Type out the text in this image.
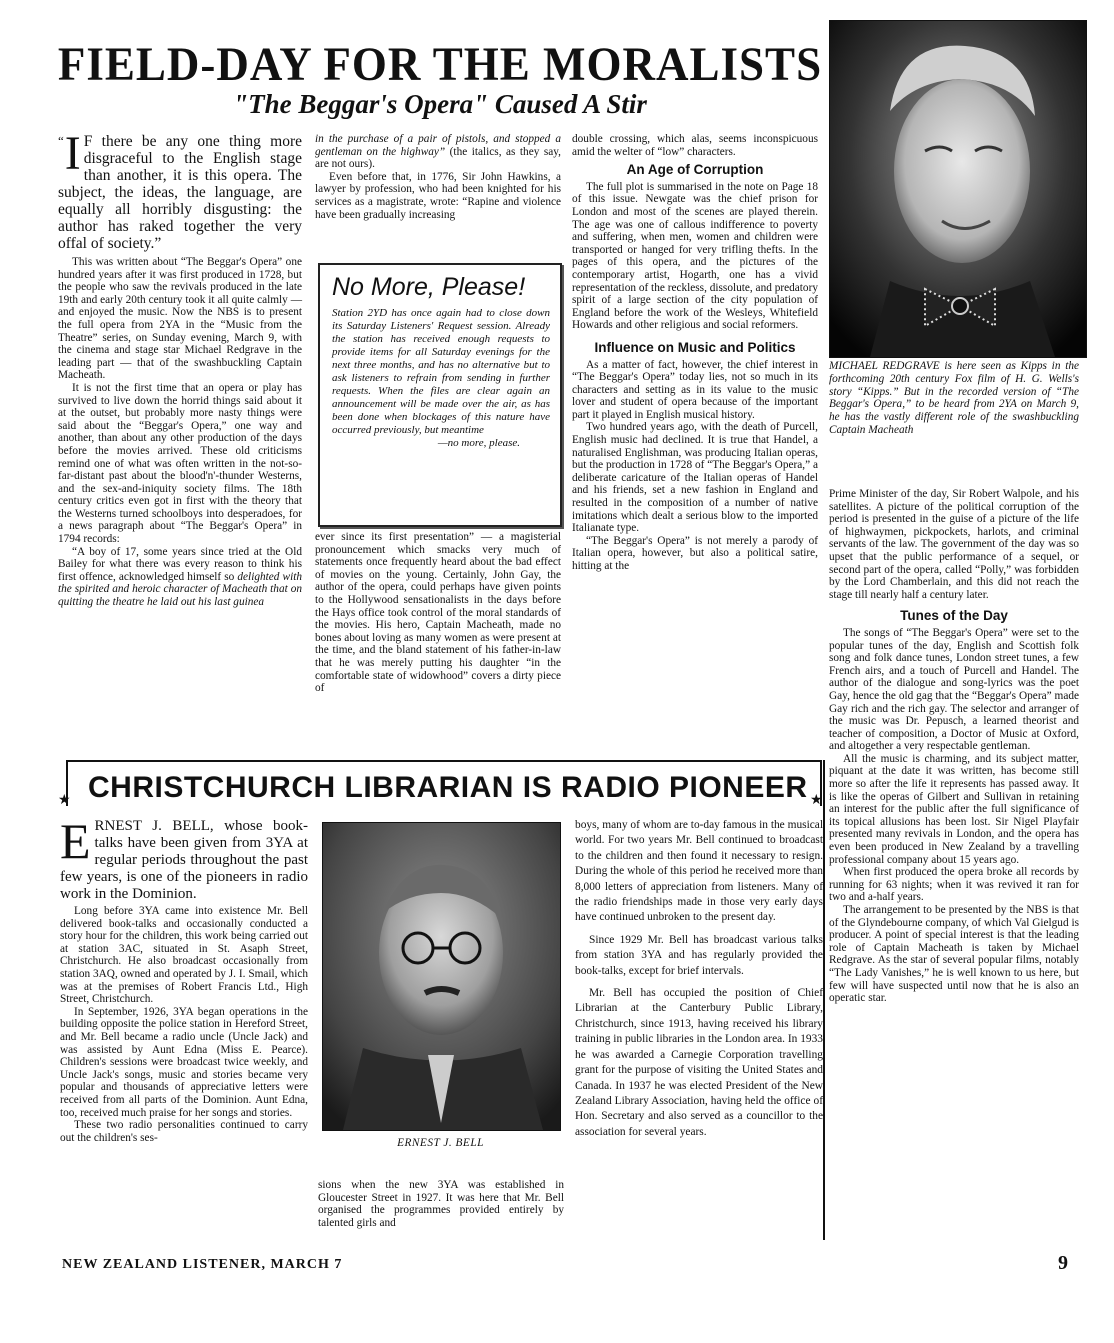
FIELD-DAY FOR THE MORALISTS
"The Beggar's Opera" Caused A Stir

“ I F there be any one thing more disgraceful to the English stage than another, it is this opera. The subject, the ideas, the language, are equally all horribly disgusting: the author has raked together the very offal of society.”

This was written about “The Beggar's Opera” one hundred years after it was first produced in 1728, but the people who saw the revivals produced in the late 19th and early 20th century took it all quite calmly — and enjoyed the music. Now the NBS is to present the full opera from 2YA in the “Music from the Theatre” series, on Sunday evening, March 9, with the cinema and stage star Michael Redgrave in the leading part — that of the swashbuckling Captain Macheath.

It is not the first time that an opera or play has survived to live down the horrid things said about it at the outset, but probably more nasty things were said about the “Beggar's Opera,” one way and another, than about any other production of the days before the movies arrived. These old criticisms remind one of what was often written in the not-so-far-distant past about the blood'n'-thunder Westerns, and the sex-and-iniquity society films. The 18th century critics even got in first with the theory that the Westerns turned schoolboys into desperadoes, for a news paragraph about “The Beggar's Opera” in 1794 records:

“A boy of 17, some years since tried at the Old Bailey for what there was every reason to think his first offence, acknowledged himself so delighted with the spirited and heroic character of Macheath that on quitting the theatre he laid out his last guinea

in the purchase of a pair of pistols, and stopped a gentleman on the highway” (the italics, as they say, are not ours).

Even before that, in 1776, Sir John Hawkins, a lawyer by profession, who had been knighted for his services as a magistrate, wrote: “Rapine and violence have been gradually increasing

No More, Please!
Station 2YD has once again had to close down its Saturday Listeners' Request session. Already the station has received enough requests to provide items for all Saturday evenings for the next three months, and has no alternative but to ask listeners to refrain from sending in further requests. When the files are clear again an announcement will be made over the air, as has been done when blockages of this nature have occurred previously, but meantime
—no more, please.

ever since its first presentation” — a magisterial pronouncement which smacks very much of statements once frequently heard about the bad effect of movies on the young. Certainly, John Gay, the author of the opera, could perhaps have given points to the Hollywood sensationalists in the days before the Hays office took control of the moral standards of the movies. His hero, Captain Macheath, made no bones about loving as many women as were present at the time, and the bland statement of his father-in-law that he was merely putting his daughter “in the comfortable state of widowhood” covers a dirty piece of

double crossing, which alas, seems inconspicuous amid the welter of “low” characters.

An Age of Corruption

The full plot is summarised in the note on Page 18 of this issue. Newgate was the chief prison for London and most of the scenes are played therein. The age was one of callous indifference to poverty and suffering, when men, women and children were transported or hanged for very trifling thefts. In the pages of this opera, and the pictures of the contemporary artist, Hogarth, one has a vivid representation of the reckless, dissolute, and predatory spirit of a large section of the city population of England before the work of the Wesleys, Whitefield Howards and other religious and social reformers.

Influence on Music and Politics

As a matter of fact, however, the chief interest in “The Beggar's Opera” today lies, not so much in its characters and setting as in its value to the music lover and student of opera because of the important part it played in English musical history.

Two hundred years ago, with the death of Purcell, English music had declined. It is true that Handel, a naturalised Englishman, was producing Italian operas, but the production in 1728 of “The Beggar's Opera,” a deliberate caricature of the Italian operas of Handel and his friends, set a new fashion in England and resulted in the composition of a number of native imitations which dealt a serious blow to the imported Italianate type.

“The Beggar's Opera” is not merely a parody of Italian opera, however, but also a political satire, hitting at the

MICHAEL REDGRAVE is here seen as Kipps in the forthcoming 20th century Fox film of H. G. Wells's story “Kipps.” But in the recorded version of “The Beggar's Opera,” to be heard from 2YA on March 9, he has the vastly different role of the swashbuckling Captain Macheath

Prime Minister of the day, Sir Robert Walpole, and his satellites. A picture of the political corruption of the period is presented in the guise of a picture of the life of highwaymen, pickpockets, harlots, and criminal servants of the law. The government of the day was so upset that the public performance of a sequel, or second part of the opera, called “Polly,” was forbidden by the Lord Chamberlain, and this did not reach the stage till nearly half a century later.

Tunes of the Day

The songs of “The Beggar's Opera” were set to the popular tunes of the day, English and Scottish folk song and folk dance tunes, London street tunes, a few French airs, and a touch of Purcell and Handel. The author of the dialogue and song-lyrics was the poet Gay, hence the old gag that the “Beggar's Opera” made Gay rich and the rich gay. The selector and arranger of the music was Dr. Pepusch, a learned theorist and teacher of composition, a Doctor of Music at Oxford, and altogether a very respectable gentleman.

All the music is charming, and its subject matter, piquant at the date it was written, has become still more so after the life it represents has passed away. It is like the operas of Gilbert and Sullivan in retaining an interest for the public after the full significance of its topical allusions has been lost. Sir Nigel Playfair presented many revivals in London, and the opera has even been produced in New Zealand by a travelling professional company about 15 years ago.

When first produced the opera broke all records by running for 63 nights; when it was revived it ran for two and a-half years.

The arrangement to be presented by the NBS is that of the Glyndebourne company, of which Val Gielgud is producer. A point of special interest is that the leading role of Captain Macheath is taken by Michael Redgrave. As the star of several popular films, notably “The Lady Vanishes,” he is well known to us here, but few will have suspected until now that he is also an operatic star.

★	★
CHRISTCHURCH LIBRARIAN IS RADIO PIONEER

E RNEST J. BELL, whose book-talks have been given from 3YA at regular periods throughout the past few years, is one of the pioneers in radio work in the Dominion.

Long before 3YA came into existence Mr. Bell delivered book-talks and occasionally conducted a story hour for the children, this work being carried out at station 3AC, situated in St. Asaph Street, Christchurch. He also broadcast occasionally from station 3AQ, owned and operated by J. I. Smail, which was at the premises of Robert Francis Ltd., High Street, Christchurch.

In September, 1926, 3YA began operations in the building opposite the police station in Hereford Street, and Mr. Bell became a radio uncle (Uncle Jack) and was assisted by Aunt Edna (Miss E. Pearce). Children's sessions were broadcast twice weekly, and Uncle Jack's songs, music and stories became very popular and thousands of appreciative letters were received from all parts of the Dominion. Aunt Edna, too, received much praise for her songs and stories.

These two radio personalities continued to carry out the children's ses-	ERNEST J. BELL

sions when the new 3YA was established in Gloucester Street in 1927. It was here that Mr. Bell organised the programmes provided entirely by talented girls and

boys, many of whom are to-day famous in the musical world. For two years Mr. Bell continued to broadcast to the children and then found it necessary to resign. During the whole of this period he received more than 8,000 letters of appreciation from listeners. Many of the radio friendships made in those very early days have continued unbroken to the present day.

Since 1929 Mr. Bell has broadcast various talks from station 3YA and has regularly provided the book-talks, except for brief intervals.

Mr. Bell has occupied the position of Chief Librarian at the Canterbury Public Library, Christchurch, since 1913, having received his library training in public libraries in the London area. In 1933 he was awarded a Carnegie Corporation travelling grant for the purpose of visiting the United States and Canada. In 1937 he was elected President of the New Zealand Library Association, having held the office of Hon. Secretary and also served as a councillor to the association for several years.

NEW ZEALAND LISTENER, MARCH 7	9
